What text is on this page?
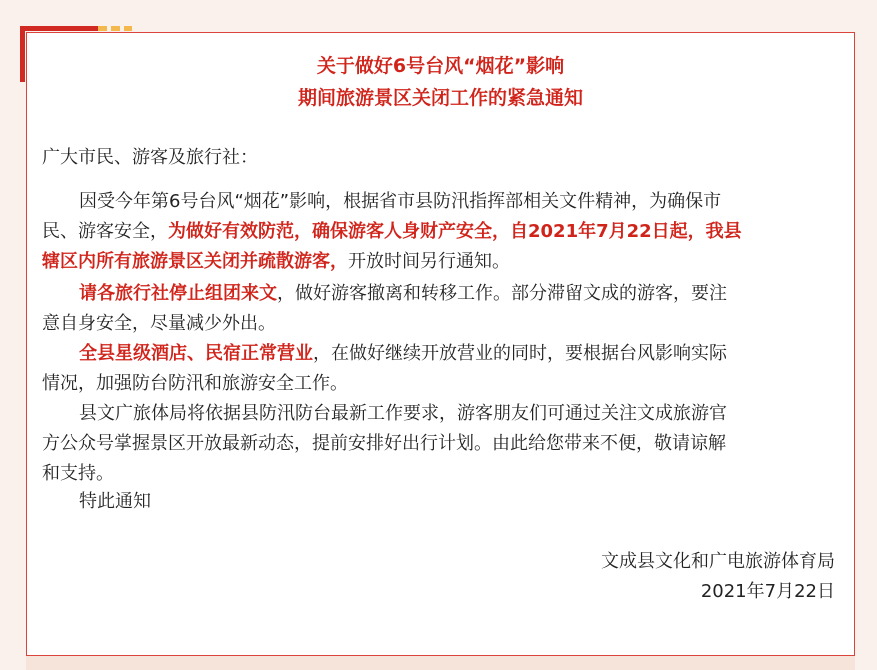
关于做好6号台风“烟花”影响
期间旅游景区关闭工作的紧急通知
广大市民、游客及旅行社：
因受今年第6号台风“烟花”影响，根据省市县防汛指挥部相关文件精神，为确保市
民、游客安全，为做好有效防范，确保游客人身财产安全，自2021年7月22日起，我县
辖区内所有旅游景区关闭并疏散游客，开放时间另行通知。
请各旅行社停止组团来文，做好游客撤离和转移工作。部分滞留文成的游客，要注
意自身安全，尽量减少外出。
全县星级酒店、民宿正常营业，在做好继续开放营业的同时，要根据台风影响实际
情况，加强防台防汛和旅游安全工作。
县文广旅体局将依据县防汛防台最新工作要求，游客朋友们可通过关注文成旅游官
方公众号掌握景区开放最新动态，提前安排好出行计划。由此给您带来不便，敬请谅解
和支持。
特此通知
文成县文化和广电旅游体育局
2021年7月22日
